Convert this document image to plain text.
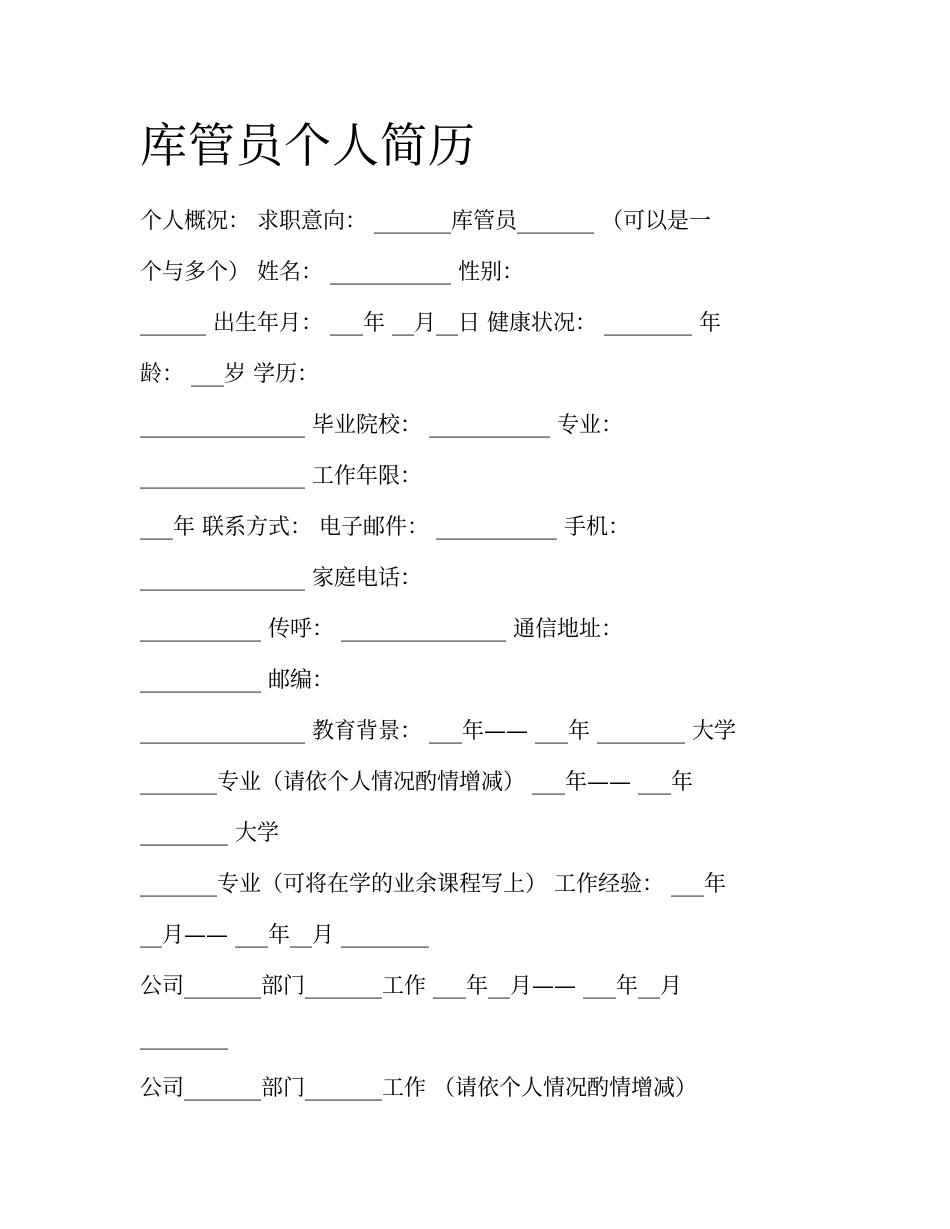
库管员个人简历
个人概况： 求职意向： _______库管员_______ （可以是一
个与多个） 姓名： ___________ 性别：
______ 出生年月： ___年 __月__日 健康状况： ________ 年
龄： ___岁 学历：
_______________ 毕业院校： ___________ 专业：
_______________ 工作年限：
___年 联系方式： 电子邮件： ___________ 手机：
_______________ 家庭电话：
___________ 传呼： _______________ 通信地址：
___________ 邮编：
_______________ 教育背景： ___年—— ___年 ________ 大学
_______专业（请依个人情况酌情增减） ___年—— ___年
________ 大学
_______专业（可将在学的业余课程写上） 工作经验： ___年
__月—— ___年__月 ________
公司_______部门_______工作 ___年__月—— ___年__月
________
公司_______部门_______工作 （请依个人情况酌情增减）
